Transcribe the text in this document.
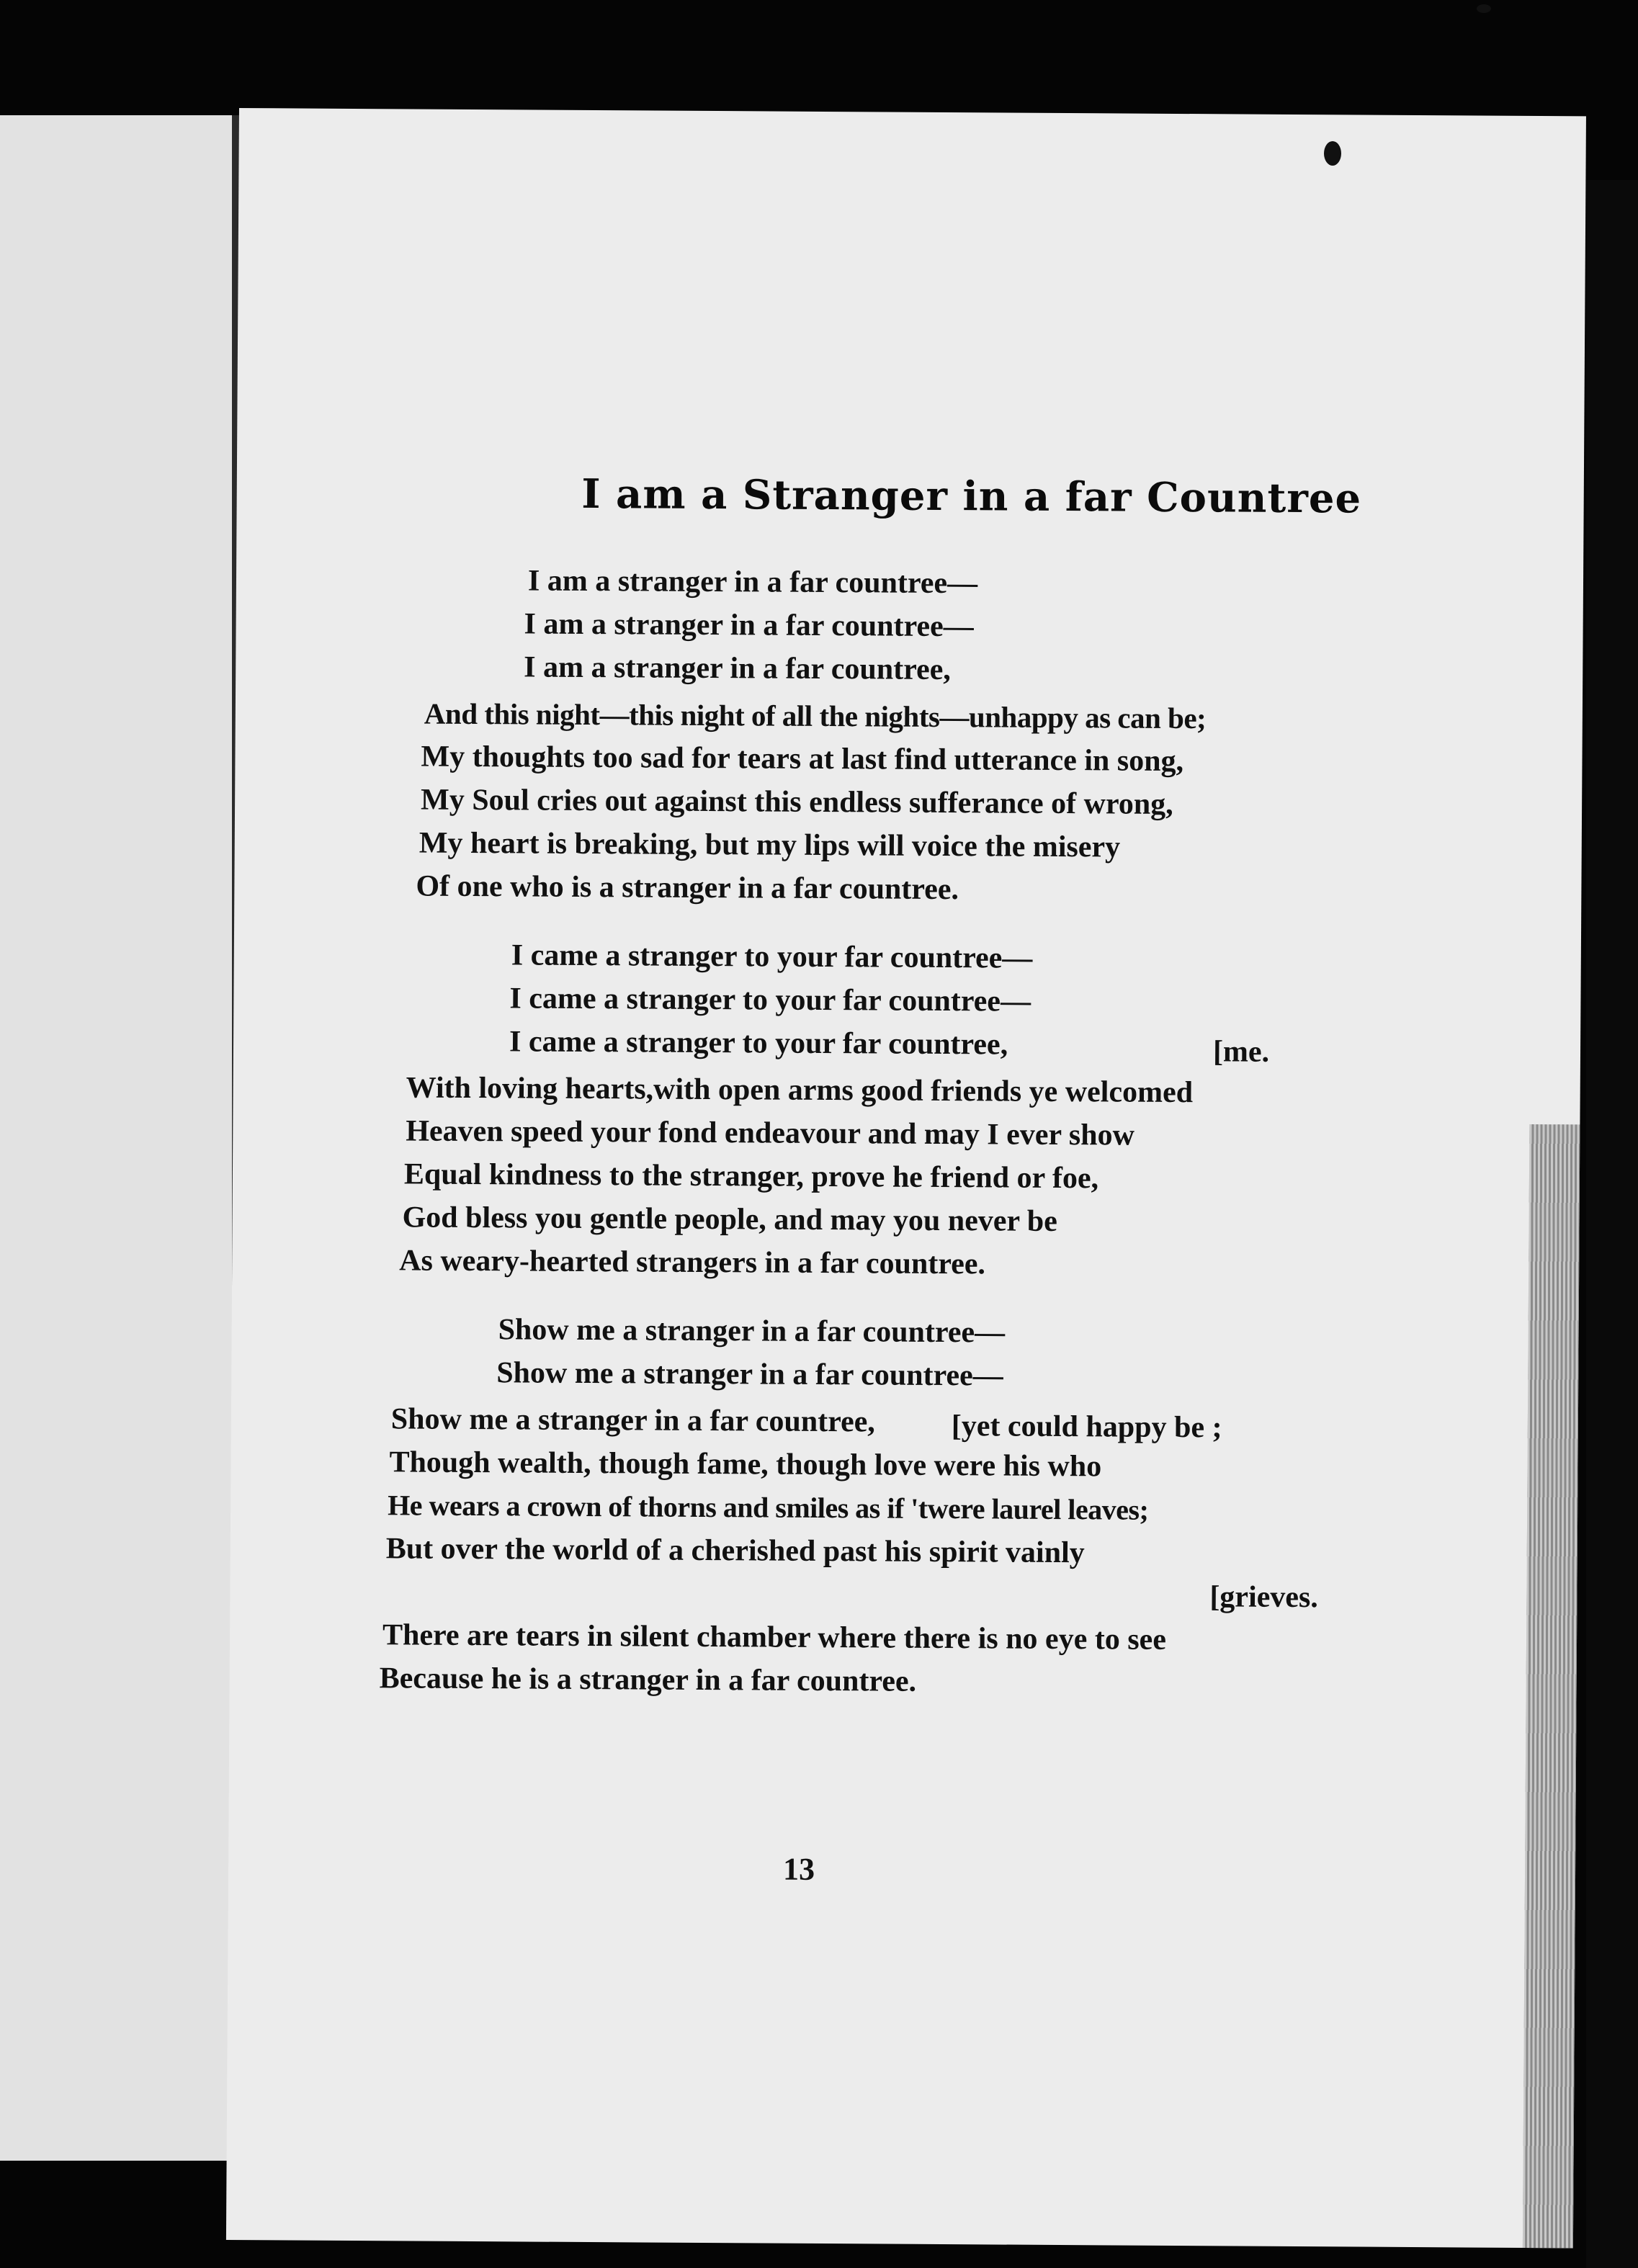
I am a Stranger in a far Countree

I am a stranger in a far countree—

I am a stranger in a far countree—

I am a stranger in a far countree,

And this night—this night of all the nights—unhappy as can be;

My thoughts too sad for tears at last find utterance in song,

My Soul cries out against this endless sufferance of wrong,

My heart is breaking, but my lips will voice the misery

Of one who is a stranger in a far countree.

I came a stranger to your far countree—

I came a stranger to your far countree—

I came a stranger to your far countree,	[me.

With loving hearts,with open arms good friends ye welcomed

Heaven speed your fond endeavour and may I ever show

Equal kindness to the stranger, prove he friend or foe,

God bless you gentle people, and may you never be

As weary-hearted strangers in a far countree.

Show me a stranger in a far countree—

Show me a stranger in a far countree—

Show me a stranger in a far countree,	[yet could happy be ;

Though wealth, though fame, though love were his who

He wears a crown of thorns and smiles as if 'twere laurel leaves;

But over the world of a cherished past his spirit vainly

[grieves.

There are tears in silent chamber where there is no eye to see

Because he is a stranger in a far countree.

13
